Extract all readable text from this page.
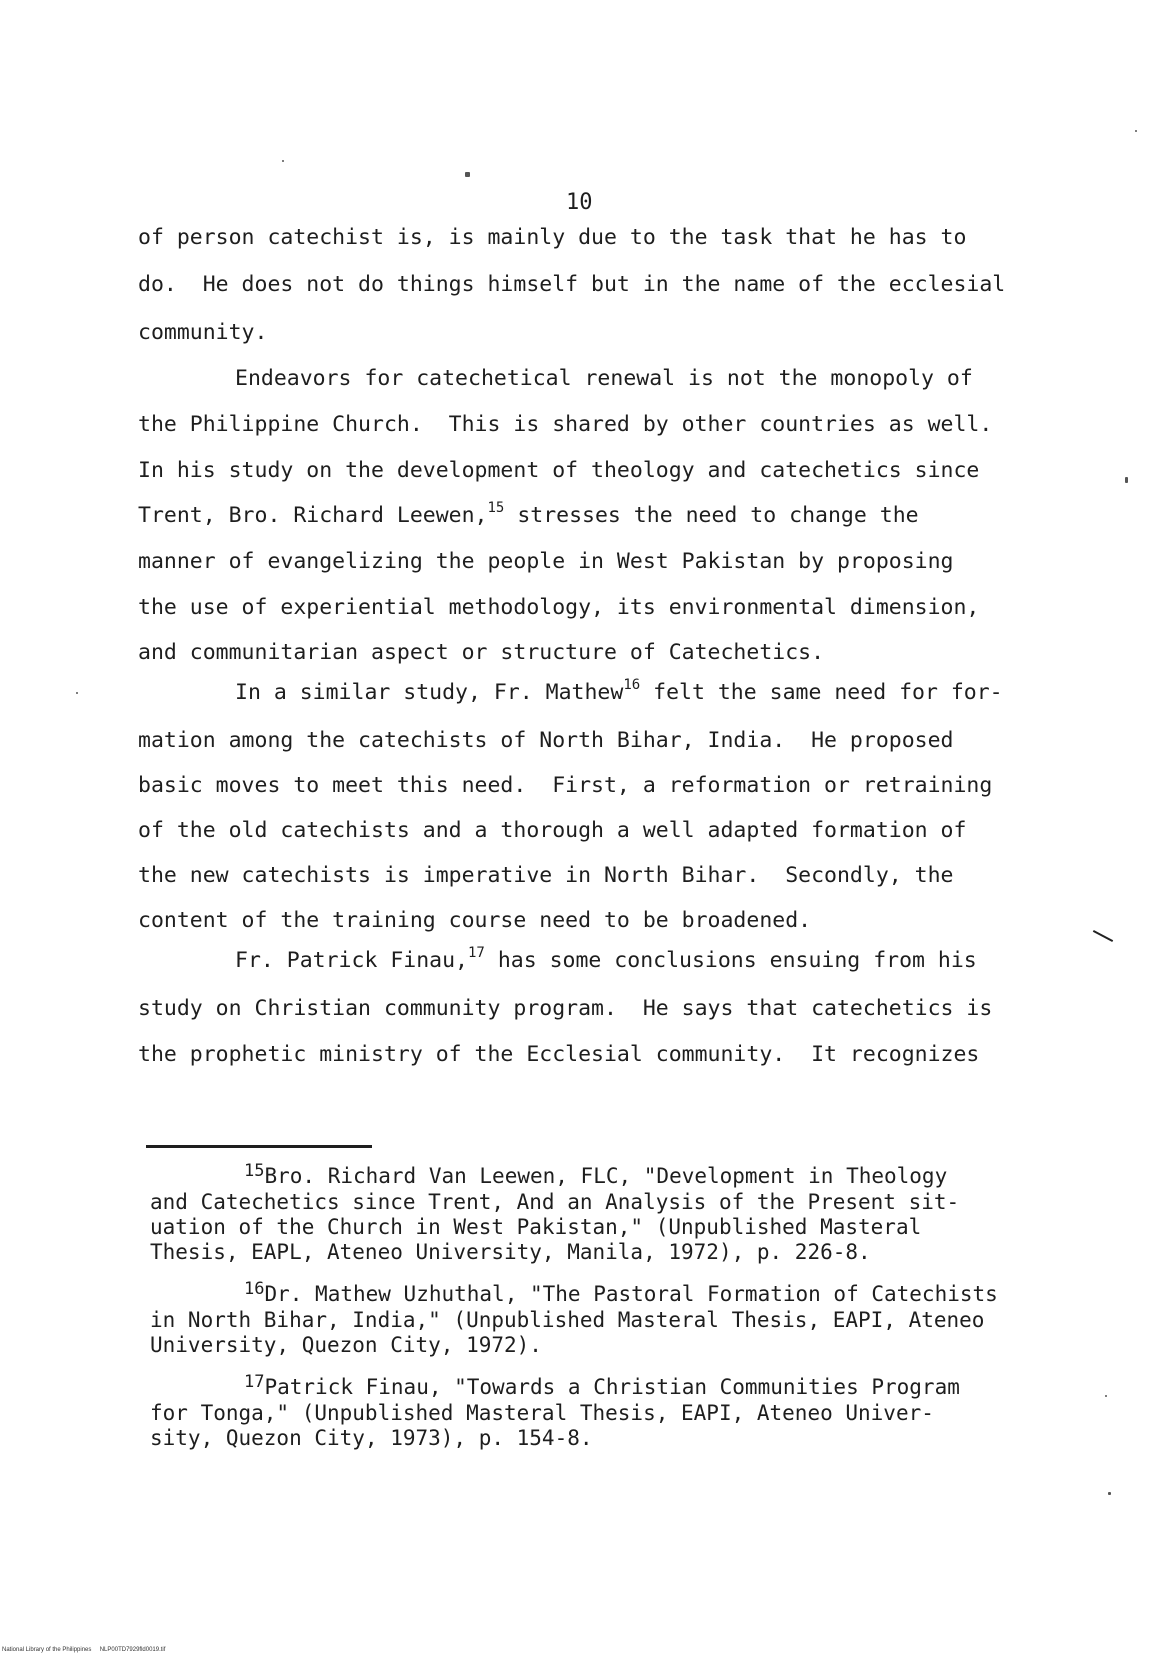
10
of person catechist is, is mainly due to the task that he has to
do.  He does not do things himself but in the name of the ecclesial
community.
Endeavors for catechetical renewal is not the monopoly of
the Philippine Church.  This is shared by other countries as well.
In his study on the development of theology and catechetics since
Trent, Bro. Richard Leewen,$^{15}$ stresses the need to change the
manner of evangelizing the people in West Pakistan by proposing
the use of experiential methodology, its environmental dimension,
and communitarian aspect or structure of Catechetics.
In a similar study, Fr. Mathew$^{16}$ felt the same need for for-
mation among the catechists of North Bihar, India.  He proposed
basic moves to meet this need.  First, a reformation or retraining
of the old catechists and a thorough a well adapted formation of
the new catechists is imperative in North Bihar.  Secondly, the
content of the training course need to be broadened.
Fr. Patrick Finau,$^{17}$ has some conclusions ensuing from his
study on Christian community program.  He says that catechetics is
the prophetic ministry of the Ecclesial community.  It recognizes
$^{15}$Bro. Richard Van Leewen, FLC, "Development in Theology
and Catechetics since Trent, And an Analysis of the Present sit-
uation of the Church in West Pakistan," (Unpublished Masteral
Thesis, EAPL, Ateneo University, Manila, 1972), p. 226-8.
$^{16}$Dr. Mathew Uzhuthal, "The Pastoral Formation of Catechists
in North Bihar, India," (Unpublished Masteral Thesis, EAPI, Ateneo
University, Quezon City, 1972).
$^{17}$Patrick Finau, "Towards a Christian Communities Program
for Tonga," (Unpublished Masteral Thesis, EAPI, Ateneo Univer-
sity, Quezon City, 1973), p. 154-8.
National Library of the Philippines     NLP00TD7929fld0019.tif
